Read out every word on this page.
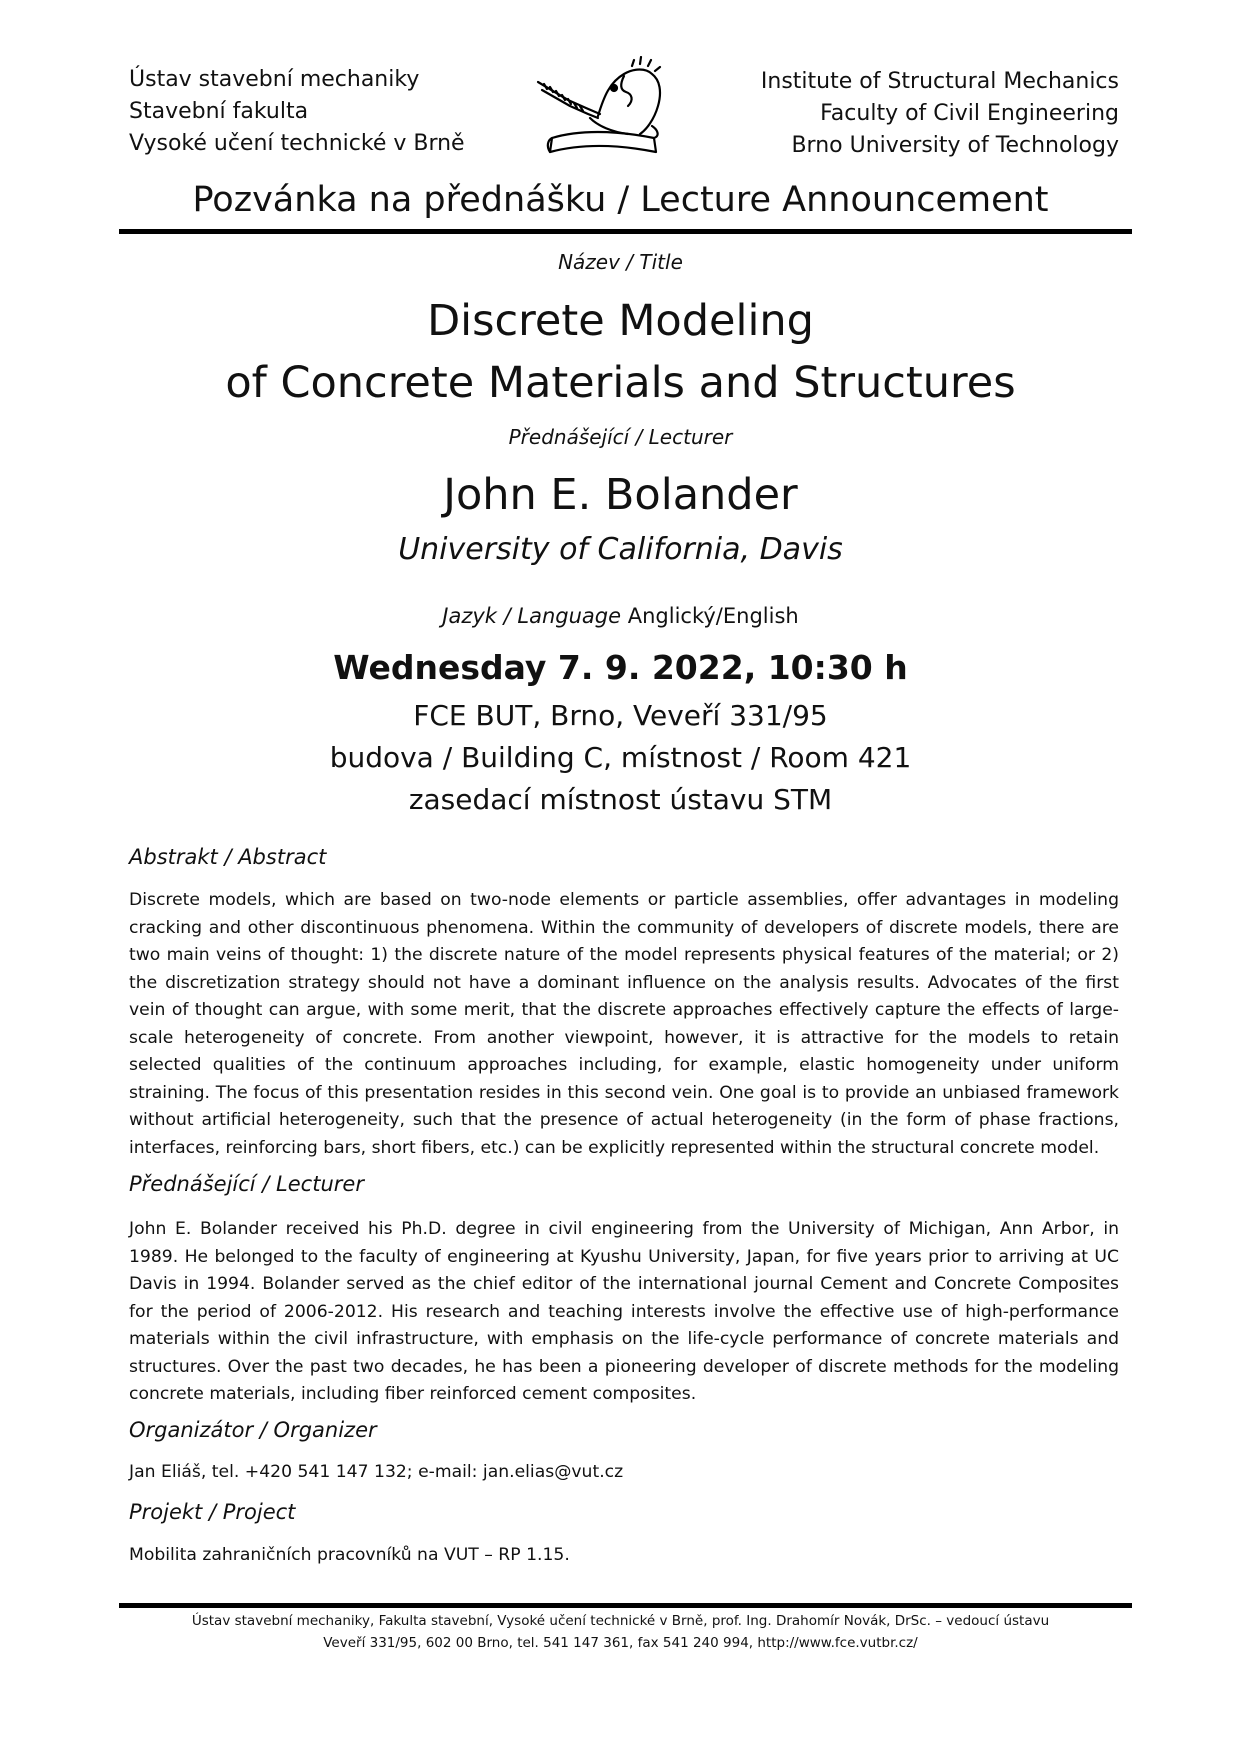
Ústav stavební mechaniky
Stavební fakulta
Vysoké učení technické v Brně
Institute of Structural Mechanics
Faculty of Civil Engineering
Brno University of Technology
Pozvánka na přednášku / Lecture Announcement
Název / Title
Discrete Modeling
of Concrete Materials and Structures
Přednášející / Lecturer
John E. Bolander
University of California, Davis
Jazyk / Language Anglický/English
Wednesday 7. 9. 2022, 10:30 h
FCE BUT, Brno, Veveří 331/95
budova / Building C, místnost / Room 421
zasedací místnost ústavu STM
Abstrakt / Abstract
Discrete models, which are based on two-node elements or particle assemblies, offer advantages in modeling cracking and other discontinuous phenomena. Within the community of developers of discrete models, there are two main veins of thought: 1) the discrete nature of the model represents physical features of the material; or 2) the discretization strategy should not have a dominant influence on the analysis results. Advocates of the first vein of thought can argue, with some merit, that the discrete approaches effectively capture the effects of large-scale heterogeneity of concrete. From another viewpoint, however, it is attractive for the models to retain selected qualities of the continuum approaches including, for example, elastic homogeneity under uniform straining. The focus of this presentation resides in this second vein. One goal is to provide an unbiased framework without artificial heterogeneity, such that the presence of actual heterogeneity (in the form of phase fractions, interfaces, reinforcing bars, short fibers, etc.) can be explicitly represented within the structural concrete model.
Přednášející / Lecturer
John E. Bolander received his Ph.D. degree in civil engineering from the University of Michigan, Ann Arbor, in 1989. He belonged to the faculty of engineering at Kyushu University, Japan, for five years prior to arriving at UC Davis in 1994. Bolander served as the chief editor of the international journal Cement and Concrete Composites for the period of 2006-2012. His research and teaching interests involve the effective use of high-performance materials within the civil infrastructure, with emphasis on the life-cycle performance of concrete materials and structures. Over the past two decades, he has been a pioneering developer of discrete methods for the modeling concrete materials, including fiber reinforced cement composites.
Organizátor / Organizer
Jan Eliáš, tel. +420 541 147 132; e-mail: jan.elias@vut.cz
Projekt / Project
Mobilita zahraničních pracovníků na VUT – RP 1.15.
Ústav stavební mechaniky, Fakulta stavební, Vysoké učení technické v Brně, prof. Ing. Drahomír Novák, DrSc. – vedoucí ústavu
Veveří 331/95, 602 00 Brno, tel. 541 147 361, fax 541 240 994, http://www.fce.vutbr.cz/
